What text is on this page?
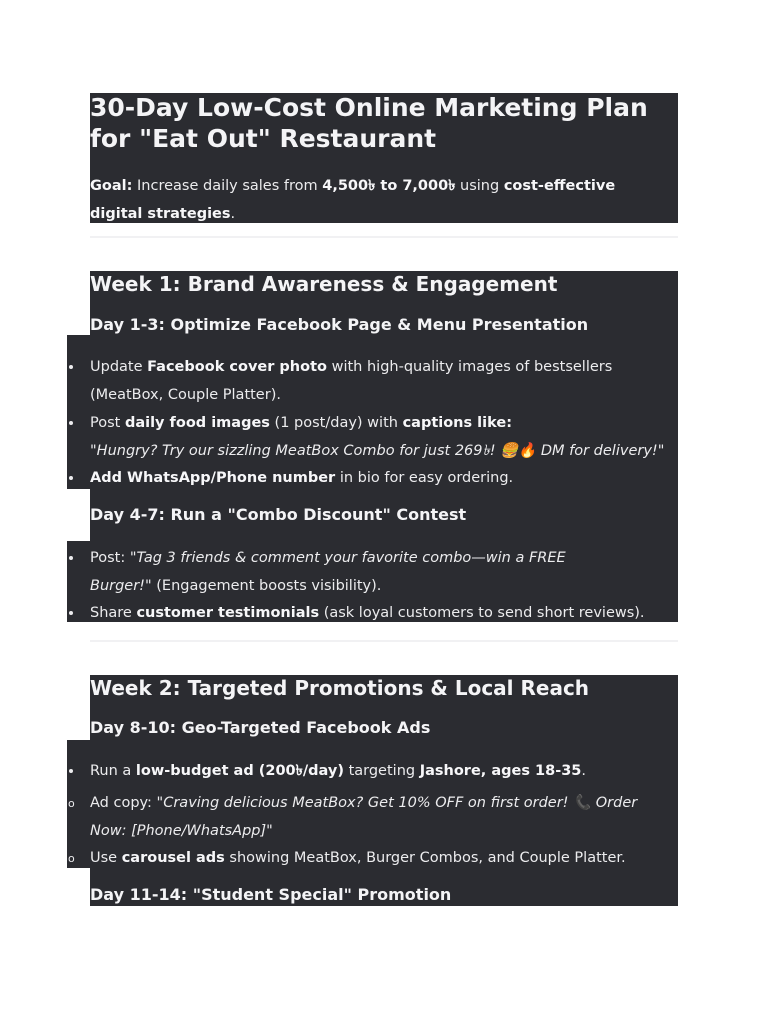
30-Day Low-Cost Online Marketing Plan
for "Eat Out" Restaurant
Goal: Increase daily sales from 4,500৳ to 7,000৳ using cost-effective
digital strategies.
Week 1: Brand Awareness & Engagement
Day 1-3: Optimize Facebook Page & Menu Presentation
Update Facebook cover photo with high-quality images of bestsellers
(MeatBox, Couple Platter).
Post daily food images (1 post/day) with captions like:
"Hungry? Try our sizzling MeatBox Combo for just 269৳! 🍔🔥 DM for delivery!"
Add WhatsApp/Phone number in bio for easy ordering.
Day 4-7: Run a "Combo Discount" Contest
Post: "Tag 3 friends & comment your favorite combo—win a FREE
Burger!" (Engagement boosts visibility).
Share customer testimonials (ask loyal customers to send short reviews).
Week 2: Targeted Promotions & Local Reach
Day 8-10: Geo-Targeted Facebook Ads
Run a low-budget ad (200৳/day) targeting Jashore, ages 18-35.
o Ad copy: "Craving delicious MeatBox? Get 10% OFF on first order! 📞 Order
Now: [Phone/WhatsApp]"
o Use carousel ads showing MeatBox, Burger Combos, and Couple Platter.
Day 11-14: "Student Special" Promotion
